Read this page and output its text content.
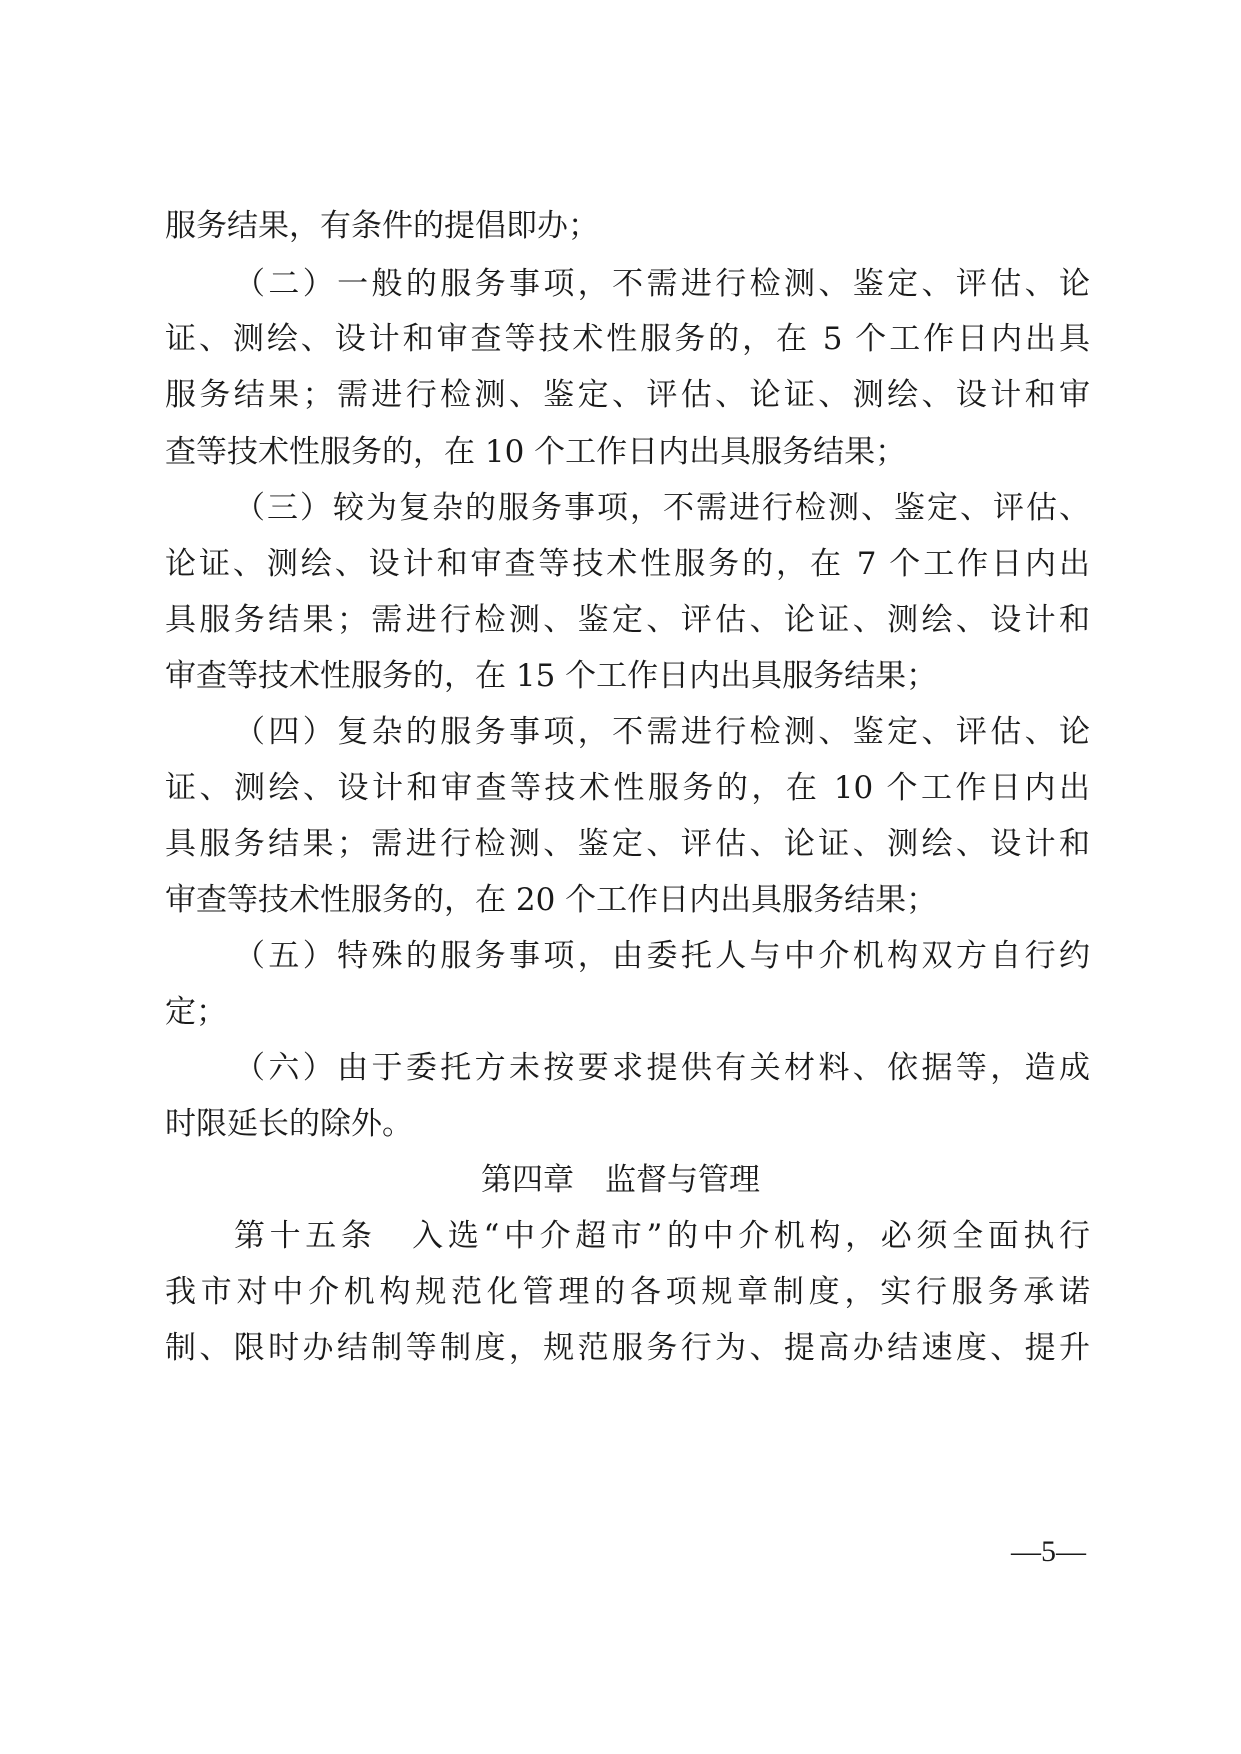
服务结果，有条件的提倡即办；
（二）一般的服务事项，不需进行检测、鉴定、评估、论
证、测绘、设计和审查等技术性服务的，在 5 个工作日内出具
服务结果；需进行检测、鉴定、评估、论证、测绘、设计和审
查等技术性服务的，在 10 个工作日内出具服务结果；
（三）较为复杂的服务事项，不需进行检测、鉴定、评估、
论证、测绘、设计和审查等技术性服务的，在 7 个工作日内出
具服务结果；需进行检测、鉴定、评估、论证、测绘、设计和
审查等技术性服务的，在 15 个工作日内出具服务结果；
（四）复杂的服务事项，不需进行检测、鉴定、评估、论
证、测绘、设计和审查等技术性服务的，在 10 个工作日内出
具服务结果；需进行检测、鉴定、评估、论证、测绘、设计和
审查等技术性服务的，在 20 个工作日内出具服务结果；
（五）特殊的服务事项，由委托人与中介机构双方自行约
定；
（六）由于委托方未按要求提供有关材料、依据等，造成
时限延长的除外。
第四章　监督与管理
第十五条　入选“中介超市”的中介机构，必须全面执行
我市对中介机构规范化管理的各项规章制度，实行服务承诺
制、限时办结制等制度，规范服务行为、提高办结速度、提升
—5—
